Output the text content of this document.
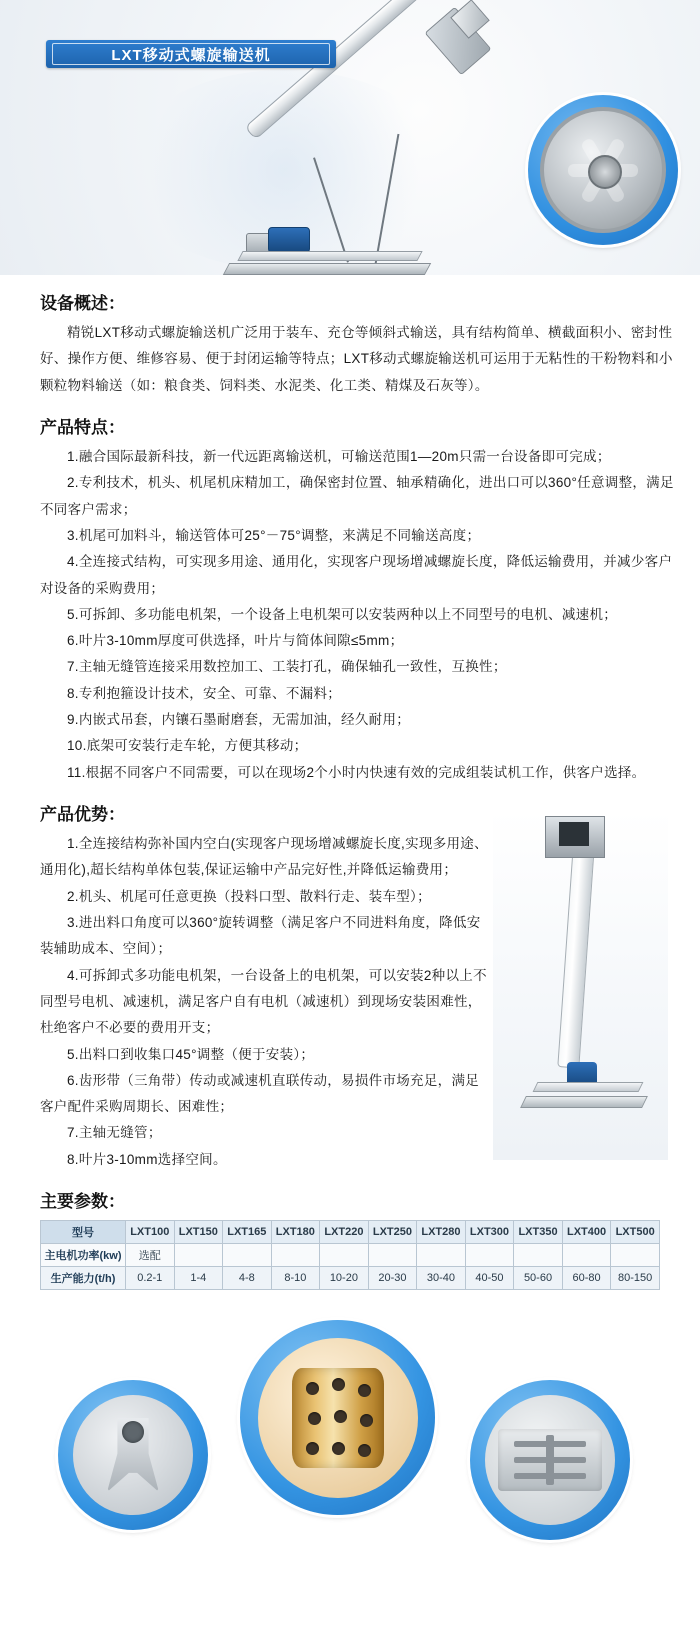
LXT移动式螺旋输送机
设备概述：

精锐LXT移动式螺旋输送机广泛用于装车、充仓等倾斜式输送，具有结构简单、横截面积小、密封性好、操作方便、维修容易、便于封闭运输等特点；LXT移动式螺旋输送机可运用于无粘性的干粉物料和小颗粒物料输送（如：粮食类、饲料类、水泥类、化工类、精煤及石灰等）。

产品特点：

1.融合国际最新科技，新一代远距离输送机，可输送范围1—20m只需一台设备即可完成；

2.专利技术，机头、机尾机床精加工，确保密封位置、轴承精确化，进出口可以360°任意调整，满足不同客户需求；

3.机尾可加料斗，输送管体可25°－75°调整，来满足不同输送高度；

4.全连接式结构，可实现多用途、通用化，实现客户现场增减螺旋长度，降低运输费用，并减少客户对设备的采购费用；

5.可拆卸、多功能电机架，一个设备上电机架可以安装两种以上不同型号的电机、减速机；

6.叶片3-10mm厚度可供选择，叶片与简体间隙≤5mm；

7.主轴无缝管连接采用数控加工、工装打孔，确保轴孔一致性，互换性；

8.专利抱箍设计技术，安全、可靠、不漏料；

9.内嵌式吊套，内镶石墨耐磨套，无需加油，经久耐用；

10.底架可安装行走车轮，方便其移动；

11.根据不同客户不同需要，可以在现场2个小时内快速有效的完成组装试机工作，供客户选择。

产品优势：

1.全连接结构弥补国内空白(实现客户现场增减螺旋长度,实现多用途、通用化),超长结构单体包装,保证运输中产品完好性,并降低运输费用；

2.机头、机尾可任意更换（投料口型、散料行走、装车型）；

3.进出料口角度可以360°旋转调整（满足客户不同进料角度，降低安装辅助成本、空间）；

4.可拆卸式多功能电机架，一台设备上的电机架，可以安装2种以上不同型号电机、减速机，满足客户自有电机（减速机）到现场安装困难性，杜绝客户不必要的费用开支；

5.出料口到收集口45°调整（便于安装）；

6.齿形带（三角带）传动或减速机直联传动，易损件市场充足，满足客户配件采购周期长、困难性；

7.主轴无缝管；

8.叶片3-10mm选择空间。

主要参数：
型号	LXT100	LXT150	LXT165	LXT180	LXT220	LXT250	LXT280	LXT300	LXT350	LXT400	LXT500
主电机功率(kw)	选配										
生产能力(t/h)	0.2-1	1-4	4-8	8-10	10-20	20-30	30-40	40-50	50-60	60-80	80-150
